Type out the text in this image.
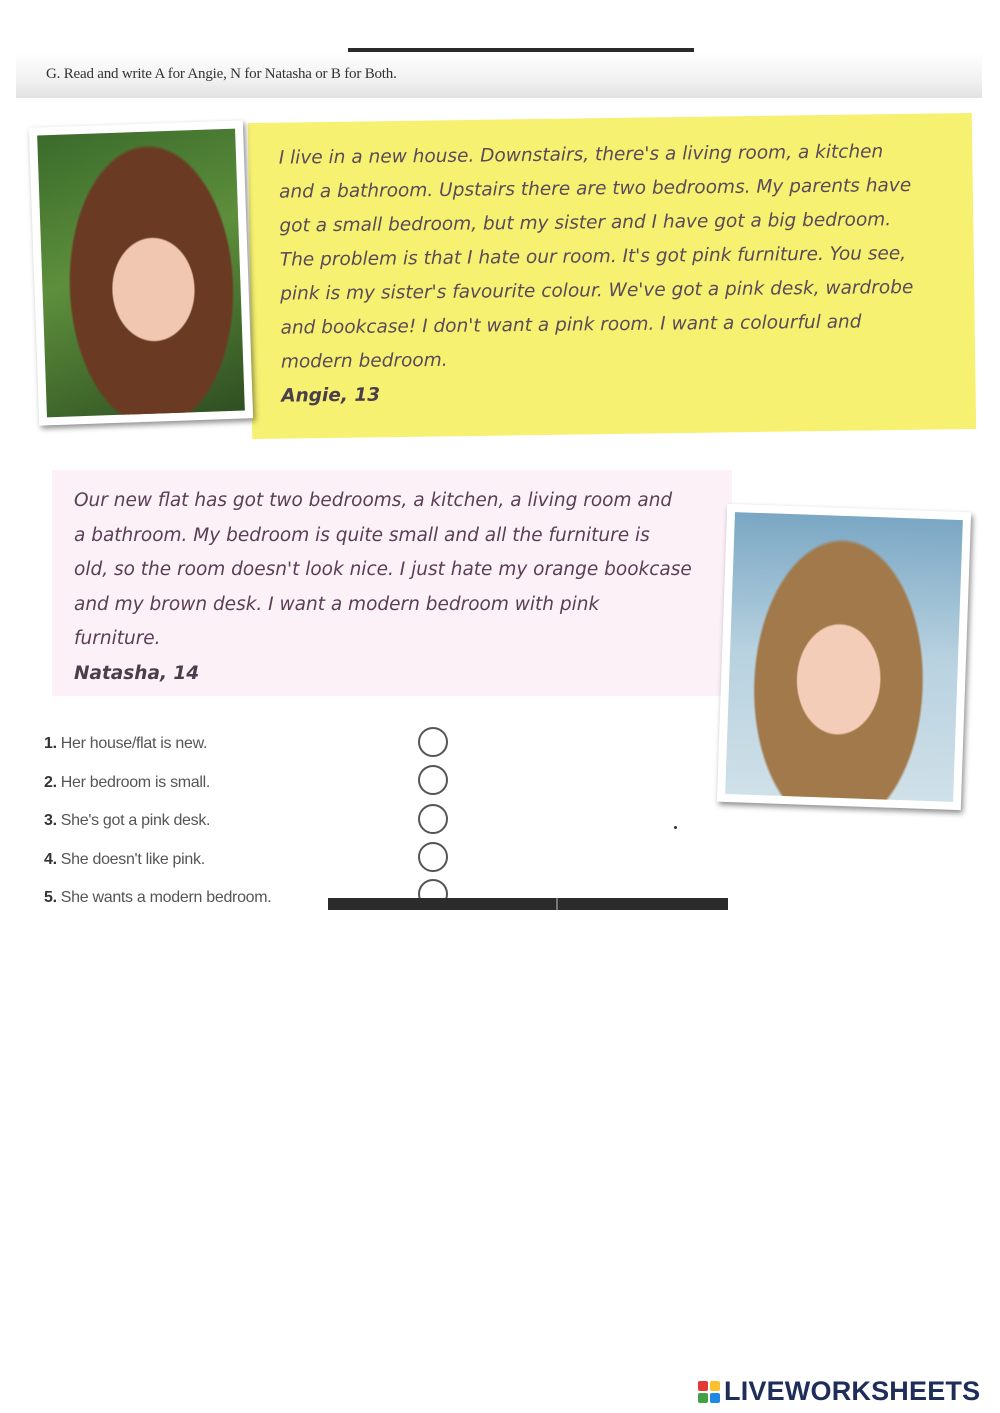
G. Read and write A for Angie, N for Natasha or B for Both.
I live in a new house. Downstairs, there's a living room, a kitchen
and a bathroom. Upstairs there are two bedrooms. My parents have
got a small bedroom, but my sister and I have got a big bedroom.
The problem is that I hate our room. It's got pink furniture. You see,
pink is my sister's favourite colour. We've got a pink desk, wardrobe
and bookcase! I don't want a pink room. I want a colourful and
modern bedroom.
Angie, 13
Our new flat has got two bedrooms, a kitchen, a living room and
a bathroom. My bedroom is quite small and all the furniture is
old, so the room doesn't look nice. I just hate my orange bookcase
and my brown desk. I want a modern bedroom with pink
furniture.
Natasha, 14
1. Her house/flat is new.
2. Her bedroom is small.
3. She's got a pink desk.
4. She doesn't like pink.
5. She wants a modern bedroom.
LIVEWORKSHEETS
